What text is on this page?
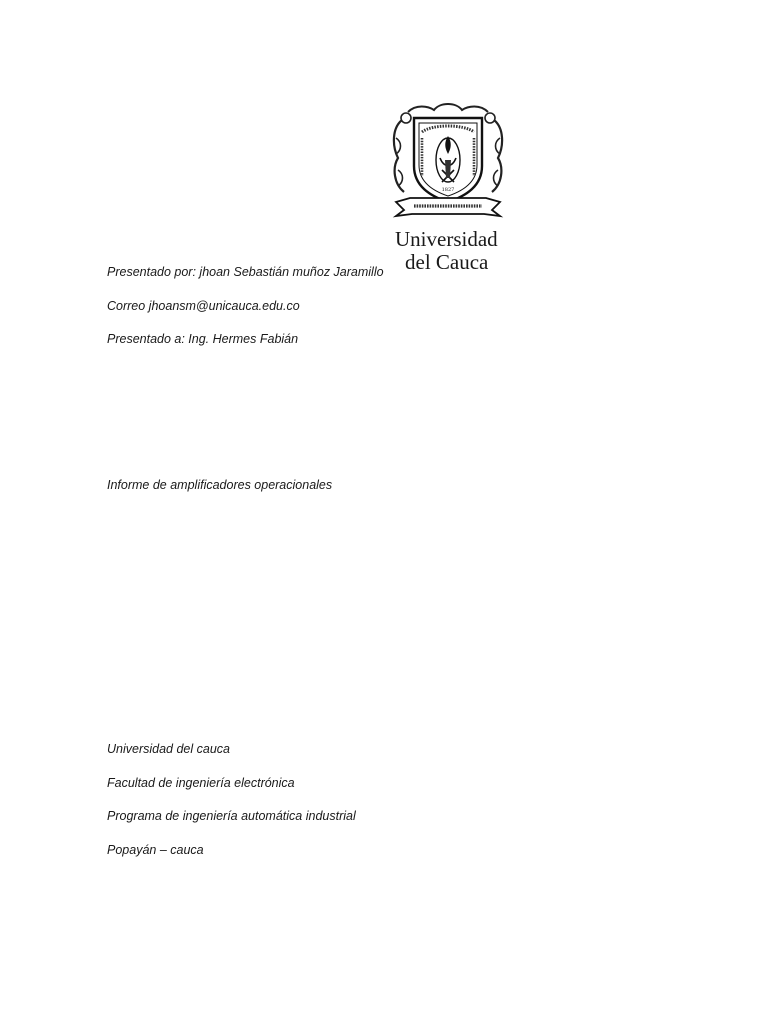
1827
Universidad
del Cauca
Presentado por: jhoan Sebastián muñoz Jaramillo
Correo jhoansm@unicauca.edu.co
Presentado a: Ing. Hermes Fabián
Informe de amplificadores operacionales
Universidad del cauca
Facultad de ingeniería electrónica
Programa de ingeniería automática industrial
Popayán – cauca
